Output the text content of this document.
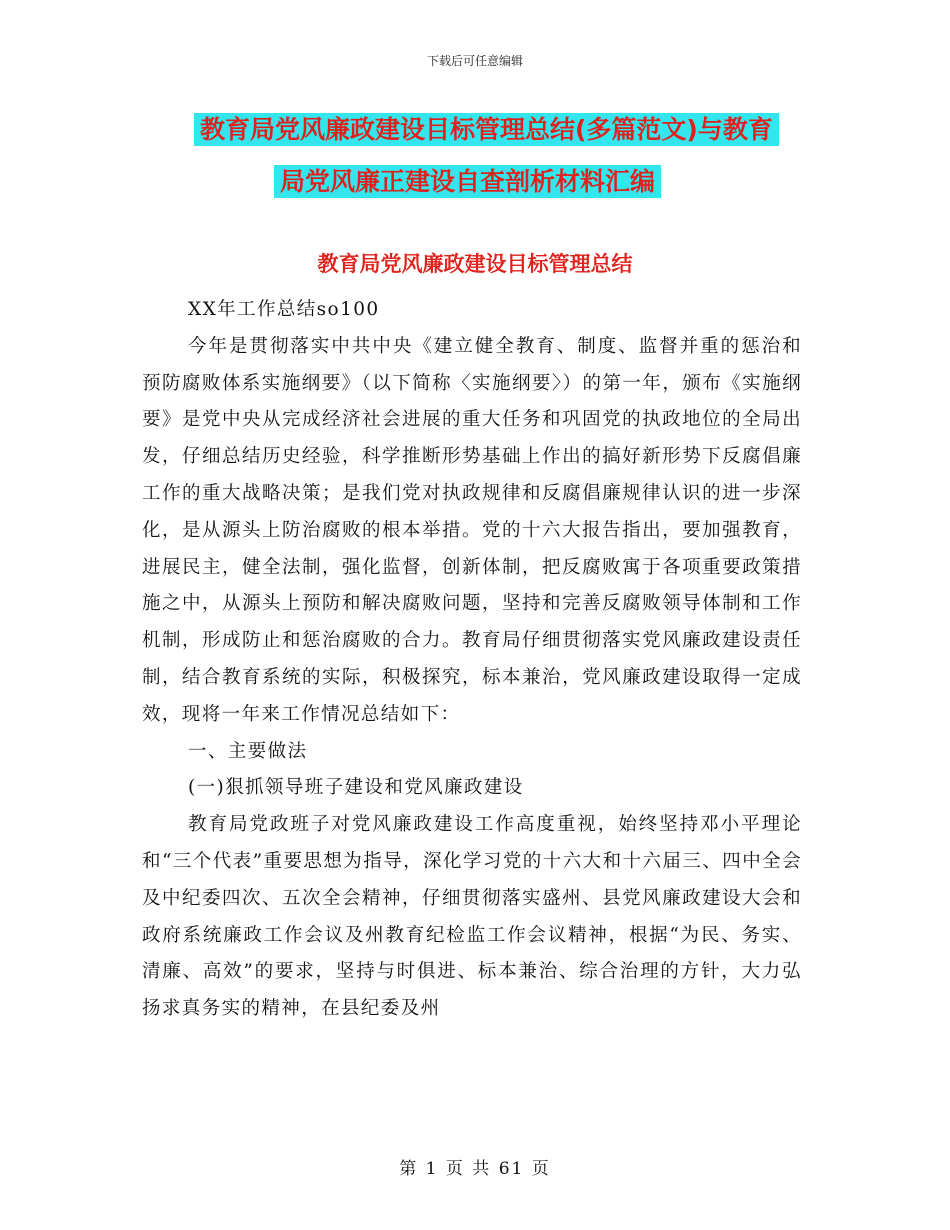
下载后可任意编辑
教育局党风廉政建设目标管理总结(多篇范文)与教育
局党风廉正建设自查剖析材料汇编
教育局党风廉政建设目标管理总结

XX年工作总结so100

今年是贯彻落实中共中央《建立健全教育、制度、监督并重的惩治和预防腐败体系实施纲要》（以下简称〈实施纲要〉）的第一年，颁布《实施纲要》是党中央从完成经济社会进展的重大任务和巩固党的执政地位的全局出发，仔细总结历史经验，科学推断形势基础上作出的搞好新形势下反腐倡廉工作的重大战略决策；是我们党对执政规律和反腐倡廉规律认识的进一步深化，是从源头上防治腐败的根本举措。党的十六大报告指出，要加强教育，进展民主，健全法制，强化监督，创新体制，把反腐败寓于各项重要政策措施之中，从源头上预防和解决腐败问题，坚持和完善反腐败领导体制和工作机制，形成防止和惩治腐败的合力。教育局仔细贯彻落实党风廉政建设责任制，结合教育系统的实际，积极探究，标本兼治，党风廉政建设取得一定成效，现将一年来工作情况总结如下：

一、主要做法

(一)狠抓领导班子建设和党风廉政建设

教育局党政班子对党风廉政建设工作高度重视，始终坚持邓小平理论和“三个代表”重要思想为指导，深化学习党的十六大和十六届三、四中全会及中纪委四次、五次全会精神，仔细贯彻落实盛州、县党风廉政建设大会和政府系统廉政工作会议及州教育纪检监工作会议精神，根据“为民、务实、清廉、高效”的要求，坚持与时俱进、标本兼治、综合治理的方针，大力弘扬求真务实的精神，在县纪委及州

第 1 页 共 61 页
